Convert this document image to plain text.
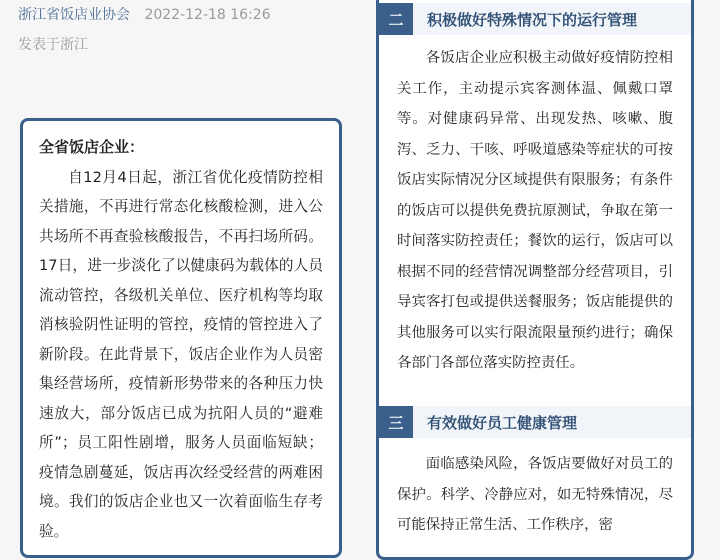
浙江省饭店业协会 2022-12-18 16:26
发表于浙江

全省饭店企业：

自12月4日起，浙江省优化疫情防控相关措施，不再进行常态化核酸检测，进入公共场所不再查验核酸报告，不再扫场所码。17日，进一步淡化了以健康码为载体的人员流动管控，各级机关单位、医疗机构等均取消核验阴性证明的管控，疫情的管控进入了新阶段。在此背景下，饭店企业作为人员密集经营场所，疫情新形势带来的各种压力快速放大，部分饭店已成为抗阳人员的“避难所”；员工阳性剧增，服务人员面临短缺；疫情急剧蔓延，饭店再次经受经营的两难困境。我们的饭店企业也又一次着面临生存考验。

二	积极做好特殊情况下的运行管理

各饭店企业应积极主动做好疫情防控相关工作，主动提示宾客测体温、佩戴口罩等。对健康码异常、出现发热、咳嗽、腹泻、乏力、干咳、呼吸道感染等症状的可按饭店实际情况分区域提供有限服务；有条件的饭店可以提供免费抗原测试，争取在第一时间落实防控责任；餐饮的运行，饭店可以根据不同的经营情况调整部分经营项目，引导宾客打包或提供送餐服务；饭店能提供的其他服务可以实行限流限量预约进行；确保各部门各部位落实防控责任。

三	有效做好员工健康管理

面临感染风险，各饭店要做好对员工的保护。科学、冷静应对，如无特殊情况，尽可能保持正常生活、工作秩序，密
